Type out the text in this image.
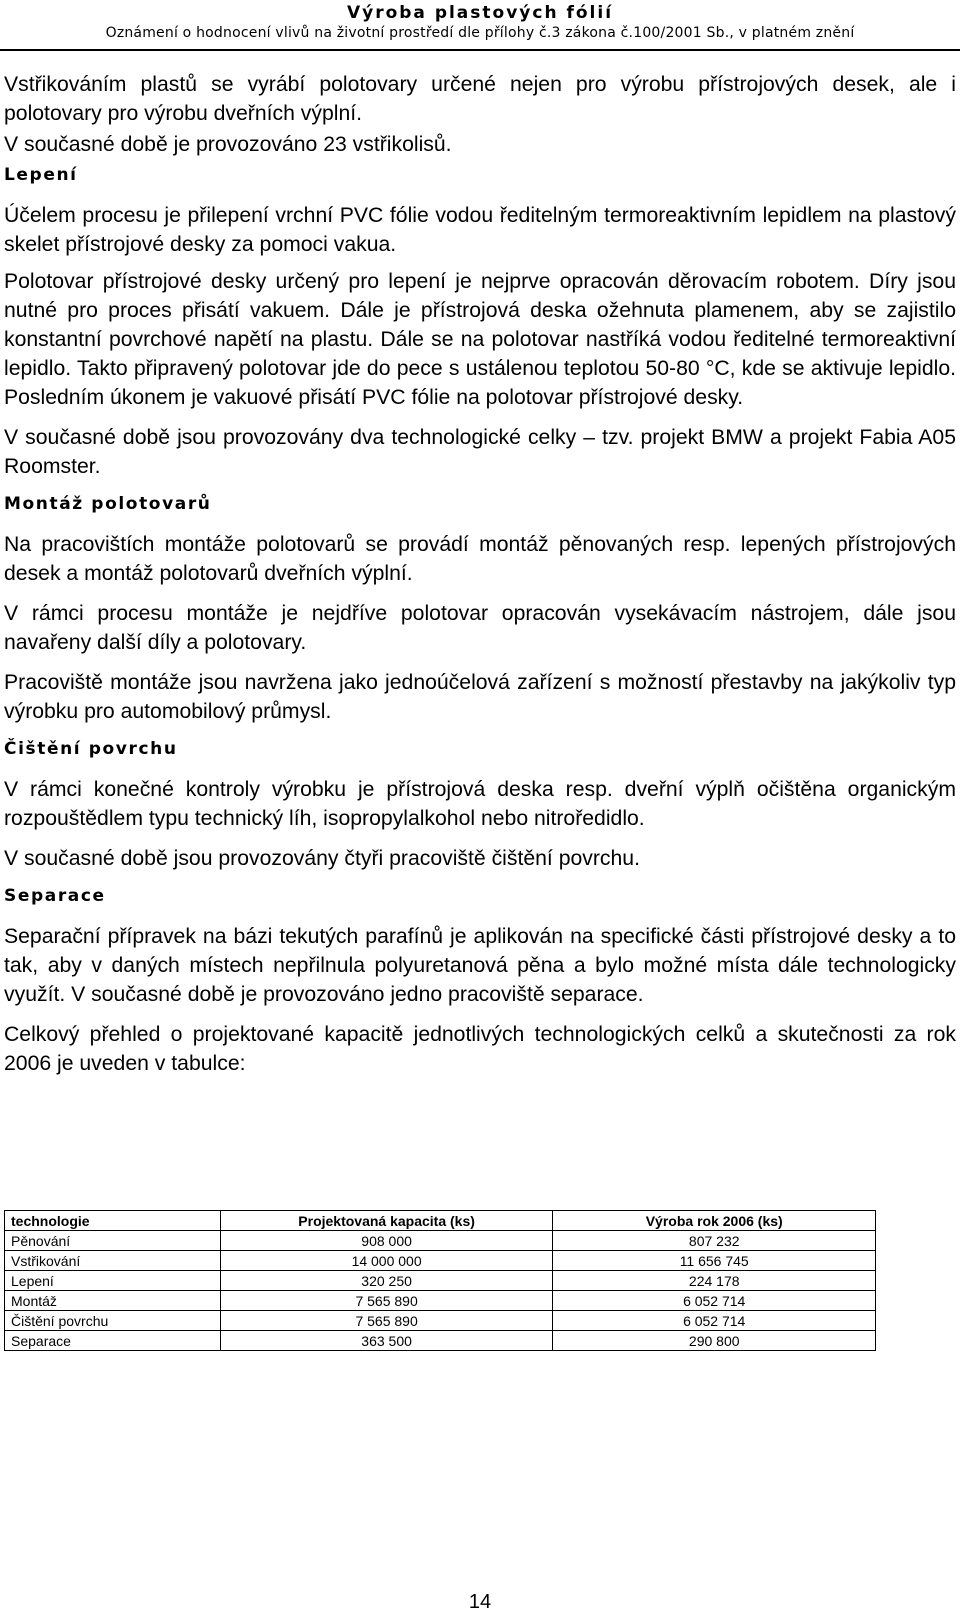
Výroba plastových fólií
Oznámení o hodnocení vlivů na životní prostředí dle přílohy č.3 zákona č.100/2001 Sb., v platném znění

Vstřikováním plastů se vyrábí polotovary určené nejen pro výrobu přístrojových desek, ale i polotovary pro výrobu dveřních výplní.

V současné době je provozováno 23 vstřikolisů.

Lepení

Účelem procesu je přilepení vrchní PVC fólie vodou ředitelným termoreaktivním lepidlem na plastový skelet přístrojové desky za pomoci vakua.

Polotovar přístrojové desky určený pro lepení je nejprve opracován děrovacím robotem. Díry jsou nutné pro proces přisátí vakuem. Dále je přístrojová deska ožehnuta plamenem, aby se zajistilo konstantní povrchové napětí na plastu. Dále se na polotovar nastříká vodou ředitelné termoreaktivní lepidlo. Takto připravený polotovar jde do pece s ustálenou teplotou 50-80 °C, kde se aktivuje lepidlo. Posledním úkonem je vakuové přisátí PVC fólie na polotovar přístrojové desky.

V současné době jsou provozovány dva technologické celky – tzv. projekt BMW a projekt Fabia A05 Roomster.

Montáž polotovarů

Na pracovištích montáže polotovarů se provádí montáž pěnovaných resp. lepených přístrojových desek a montáž polotovarů dveřních výplní.

V rámci procesu montáže je nejdříve polotovar opracován vysekávacím nástrojem, dále jsou navařeny další díly a polotovary.

Pracoviště montáže jsou navržena jako jednoúčelová zařízení s možností přestavby na jakýkoliv typ výrobku pro automobilový průmysl.

Čištění povrchu

V rámci konečné kontroly výrobku je přístrojová deska resp. dveřní výplň očištěna organickým rozpouštědlem typu technický líh, isopropylalkohol nebo nitroředidlo.

V současné době jsou provozovány čtyři pracoviště čištění povrchu.

Separace

Separační přípravek na bázi tekutých parafínů je aplikován na specifické části přístrojové desky a to tak, aby v daných místech nepřilnula polyuretanová pěna a bylo možné místa dále technologicky využít. V současné době je provozováno jedno pracoviště separace.

Celkový přehled o projektované kapacitě jednotlivých technologických celků a skutečnosti za rok 2006 je uveden v tabulce:

technologie	Projektovaná kapacita (ks)	Výroba rok 2006 (ks)
Pěnování	908 000	807 232
Vstřikování	14 000 000	11 656 745
Lepení	320 250	224 178
Montáž	7 565 890	6 052 714
Čištění povrchu	7 565 890	6 052 714
Separace	363 500	290 800
14
